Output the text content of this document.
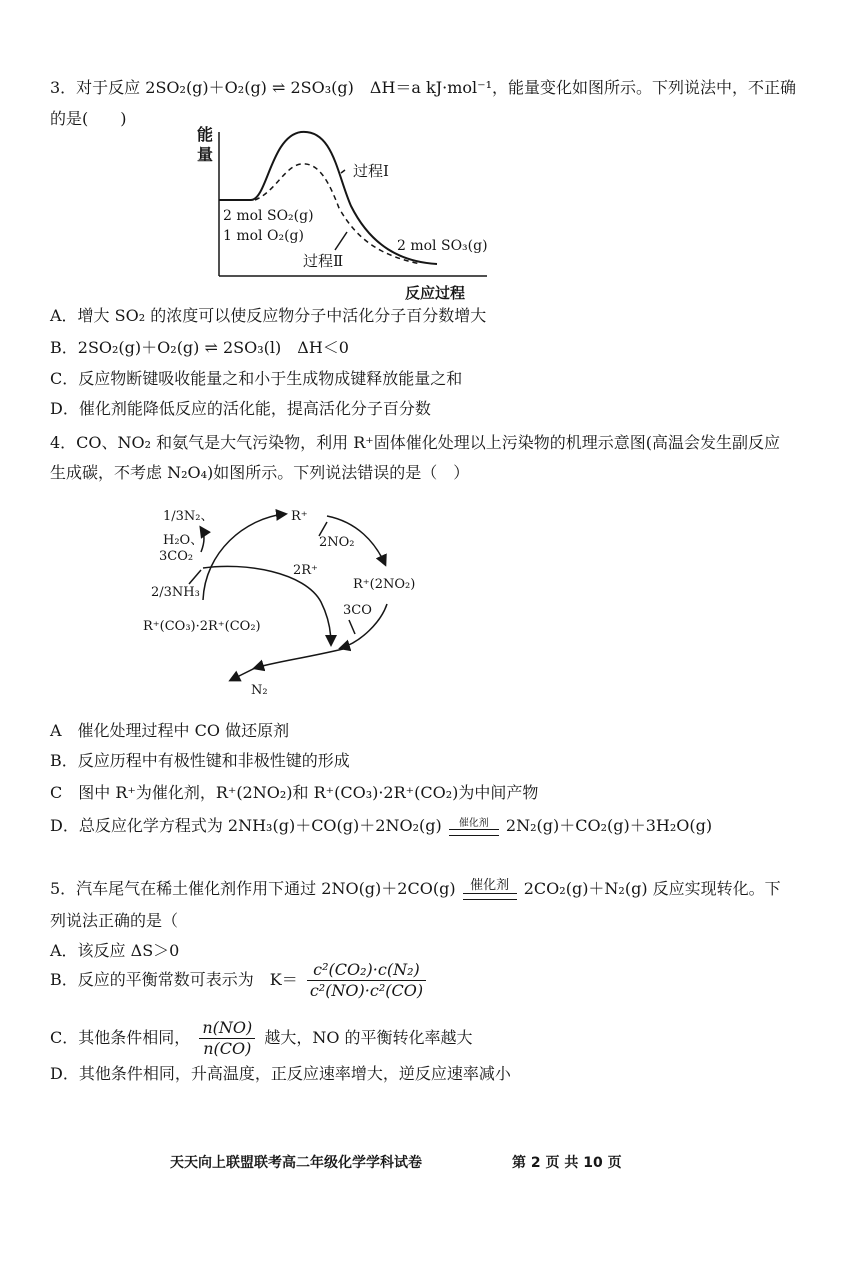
3．对于反应 2SO₂(g)＋O₂(g) ⇌ 2SO₃(g)　ΔH＝a kJ·mol⁻¹，能量变化如图所示。下列说法中，不正确
的是(　　)
能
量
反应过程
过程Ⅰ
过程Ⅱ
2 mol SO₂(g)
1 mol O₂(g)
2 mol SO₃(g)
A．增大 SO₂ 的浓度可以使反应物分子中活化分子百分数增大
B．2SO₂(g)＋O₂(g) ⇌ 2SO₃(l)　ΔH＜0
C．反应物断键吸收能量之和小于生成物成键释放能量之和
D．催化剂能降低反应的活化能，提高活化分子百分数
4．CO、NO₂ 和氨气是大气污染物，利用 R⁺固体催化处理以上污染物的机理示意图(高温会发生副反应
生成碳，不考虑 N₂O₄)如图所示。下列说法错误的是（　）
1/3N₂、
H₂O、
3CO₂
2/3NH₃
R⁺
2NO₂
R⁺(2NO₂)
3CO
2R⁺
R⁺(CO₃)·2R⁺(CO₂)
N₂
A　催化处理过程中 CO 做还原剂
B．反应历程中有极性键和非极性键的形成
C　图中 R⁺为催化剂，R⁺(2NO₂)和 R⁺(CO₃)·2R⁺(CO₂)为中间产物
D．总反应化学方程式为 2NH₃(g)＋CO(g)＋2NO₂(g)	催化剂	2N₂(g)＋CO₂(g)＋3H₂O(g)
5．汽车尾气在稀土催化剂作用下通过 2NO(g)＋2CO(g)	催化剂 2CO₂(g)＋N₂(g) 反应实现转化。下
列说法正确的是（
A．该反应 ΔS＞0
B．反应的平衡常数可表示为　$K= \frac{\text{c²(CO₂)·c(N₂)}}{\text{c²(NO)·c²(CO)}}$
C．其他条件相同， $\frac{n(NO)}{n(CO)}$ 越大，NO 的平衡转化率越大
D．其他条件相同，升高温度，正反应速率增大，逆反应速率减小
天天向上联盟联考高二年级化学学科试卷	第 2 页 共 10 页
